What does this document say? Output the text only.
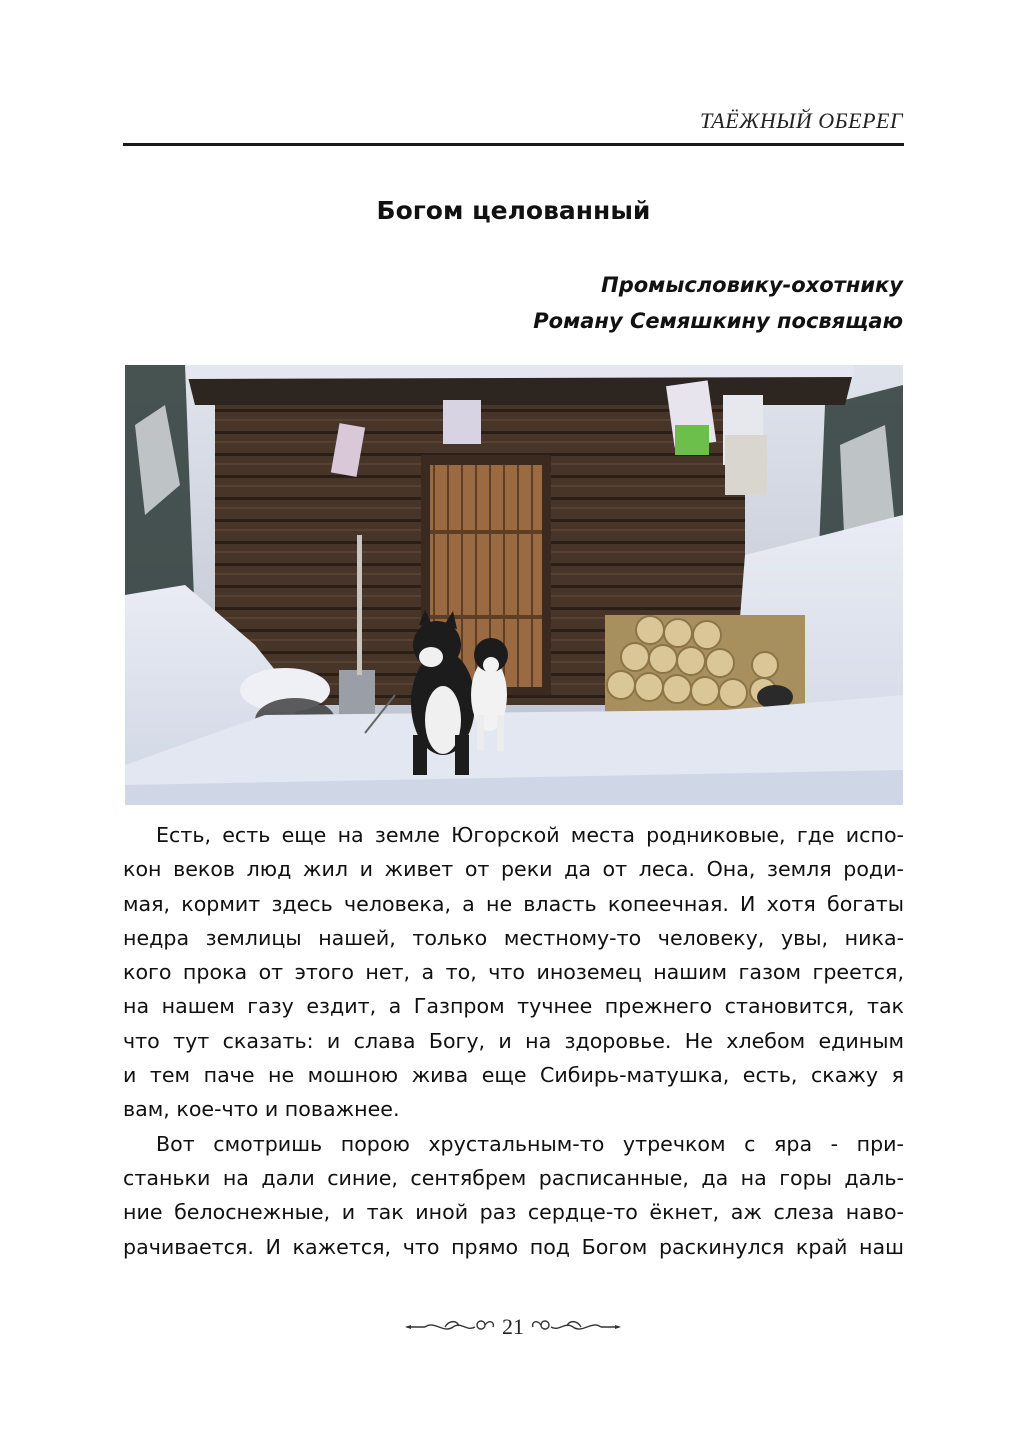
ТАЁЖНЫЙ ОБЕРЕГ
Богом целованный
Промысловику-охотнику
Роману Семяшкину посвящаю
Есть, есть еще на земле Югорской места родниковые, где испо-
кон веков люд жил и живет от реки да от леса. Она, земля роди-
мая, кормит здесь человека, а не власть копеечная. И хотя богаты
недра землицы нашей, только местному-то человеку, увы, ника-
кого прока от этого нет, а то, что иноземец нашим газом греется,
на нашем газу ездит, а Газпром тучнее прежнего становится, так
что тут сказать: и слава Богу, и на здоровье. Не хлебом единым
и тем паче не мошною жива еще Сибирь-матушка, есть, скажу я
вам, кое-что и поважнее.
Вот смотришь порою хрустальным-то утречком с яра - при-
станьки на дали синие, сентябрем расписанные, да на горы даль-
ние белоснежные, и так иной раз сердце-то ёкнет, аж слеза наво-
рачивается. И кажется, что прямо под Богом раскинулся край наш
21
